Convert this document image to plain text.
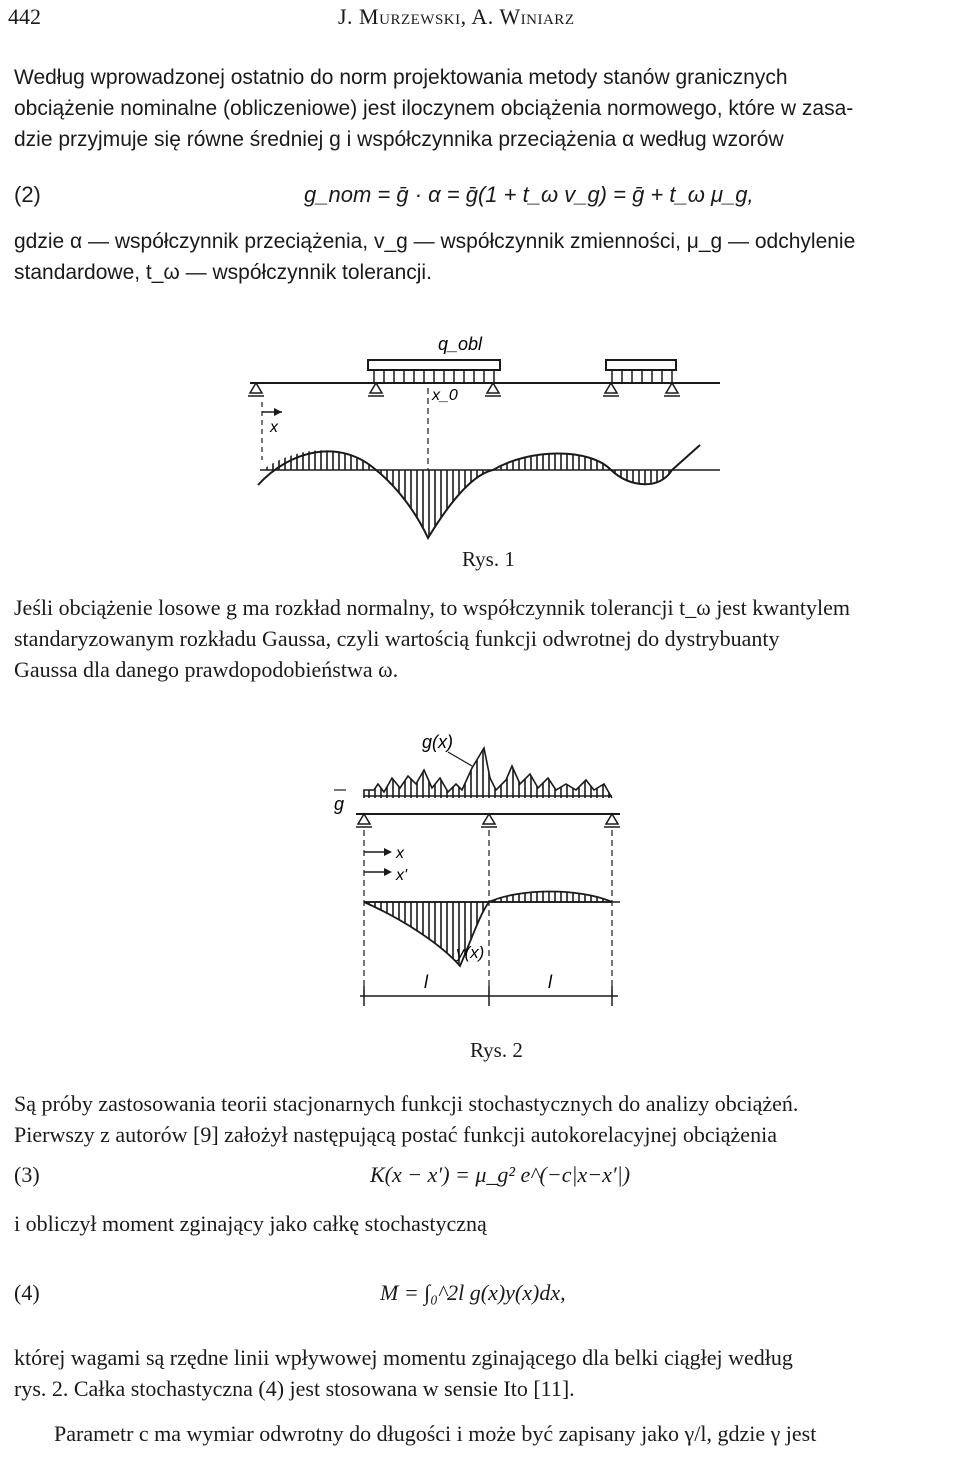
442	J. Murzewski, A. Winiarz
Według wprowadzonej ostatnio do norm projektowania metody stanów granicznych
obciążenie nominalne (obliczeniowe) jest iloczynem obciążenia normowego, które w zasa-
dzie przyjmuje się równe średniej g i współczynnika przeciążenia α według wzorów
(2)	g_nom = ḡ · α = ḡ(1 + t_ω v_g) = ḡ + t_ω μ_g,
gdzie α — współczynnik przeciążenia, v_g — współczynnik zmienności, μ_g — odchylenie
standardowe, t_ω — współczynnik tolerancji.
q_obl
x_0
x
Rys. 1
Jeśli obciążenie losowe g ma rozkład normalny, to współczynnik tolerancji t_ω jest kwantylem
standaryzowanym rozkładu Gaussa, czyli wartością funkcji odwrotnej do dystrybuanty
Gaussa dla danego prawdopodobieństwa ω.
g(x)
g
x
x'
y(x)
l	l
Rys. 2
Są próby zastosowania teorii stacjonarnych funkcji stochastycznych do analizy obciążeń.
Pierwszy z autorów [9] założył następującą postać funkcji autokorelacyjnej obciążenia
(3)	K(x − x′) = μ_g² e^(−c|x−x′|)
i obliczył moment zginający jako całkę stochastyczną
(4)	M = ∫₀^2l g(x)y(x)dx,
której wagami są rzędne linii wpływowej momentu zginającego dla belki ciągłej według
rys. 2. Całka stochastyczna (4) jest stosowana w sensie Ito [11].
Parametr c ma wymiar odwrotny do długości i może być zapisany jako γ/l, gdzie γ jest
